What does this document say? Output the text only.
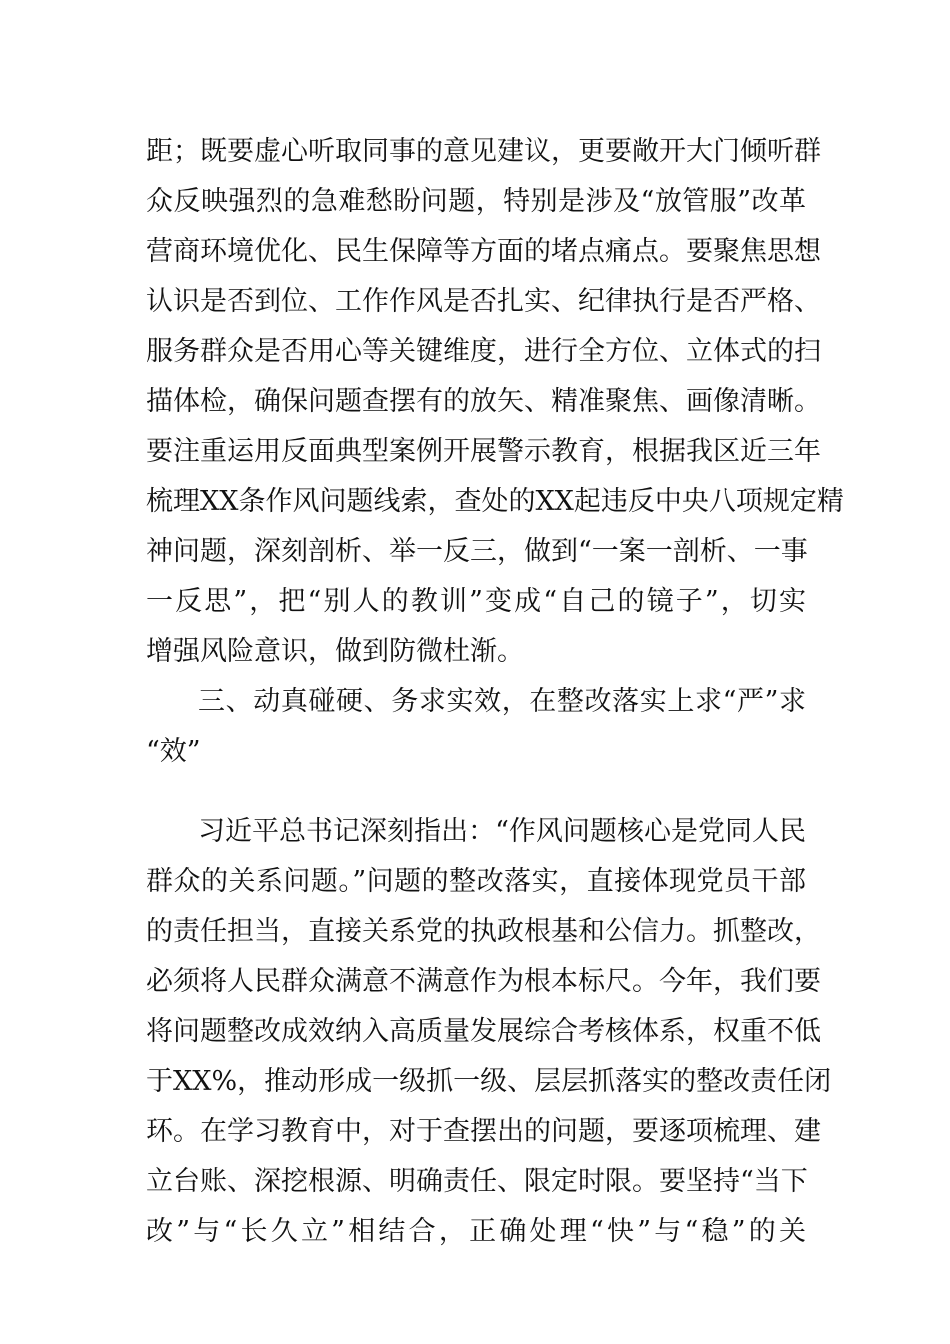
距；既要虚心听取同事的意见建议，更要敞开大门倾听群
众反映强烈的急难愁盼问题，特别是涉及“放管服”改革
营商环境优化、民生保障等方面的堵点痛点。要聚焦思想
认识是否到位、工作作风是否扎实、纪律执行是否严格、
服务群众是否用心等关键维度，进行全方位、立体式的扫
描体检，确保问题查摆有的放矢、精准聚焦、画像清晰。
要注重运用反面典型案例开展警示教育，根据我区近三年
梳理XX条作风问题线索，查处的XX起违反中央八项规定精
神问题，深刻剖析、举一反三，做到“一案一剖析、一事
一反思”，把“别人的教训”变成“自己的镜子”，切实
增强风险意识，做到防微杜渐。
三、动真碰硬、务求实效，在整改落实上求“严”求
“效”
习近平总书记深刻指出：“作风问题核心是党同人民
群众的关系问题。”问题的整改落实，直接体现党员干部
的责任担当，直接关系党的执政根基和公信力。抓整改，
必须将人民群众满意不满意作为根本标尺。今年，我们要
将问题整改成效纳入高质量发展综合考核体系，权重不低
于XX%，推动形成一级抓一级、层层抓落实的整改责任闭
环。在学习教育中，对于查摆出的问题，要逐项梳理、建
立台账、深挖根源、明确责任、限定时限。要坚持“当下
改”与“长久立”相结合，正确处理“快”与“稳”的关
